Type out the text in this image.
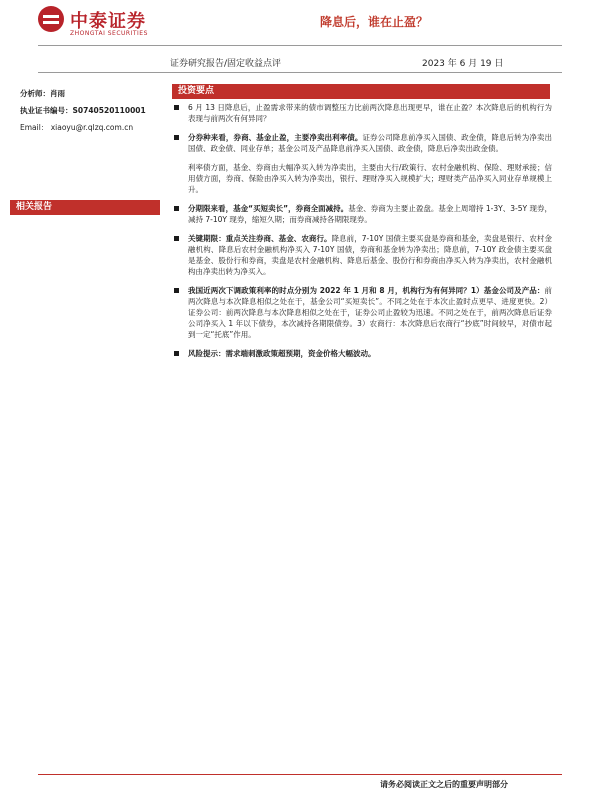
中泰证券
ZHONGTAI SECURITIES
降息后，谁在止盈？
证券研究报告/固定收益点评	2023 年 6 月 19 日
分析师：肖雨
执业证书编号：S0740520110001
Email： xiaoyu@r.qlzq.com.cn
相关报告
投资要点
6 月 13 日降息后，止盈需求带来的债市调整压力比前两次降息出现更早，谁在止盈？本次降息后的机构行为表现与前两次有何异同？
分券种来看，券商、基金止盈，主要净卖出利率债。证券公司降息前净买入国债、政金债，降息后转为净卖出国债、政金债、同业存单；基金公司及产品降息前净买入国债、政金债，降息后净卖出政金债。
利率债方面，基金、券商由大幅净买入转为净卖出，主要由大行/政策行、农村金融机构、保险、理财承接；信用债方面，券商、保险由净买入转为净卖出，银行、理财净买入规模扩大；理财类产品净买入同业存单规模上升。
分期限来看，基金“买短卖长”，券商全面减持。基金、券商为主要止盈盘。基金上周增持 1-3Y、3-5Y 现券，减持 7-10Y 现券，缩短久期；而券商减持各期限现券。
关键期限：重点关注券商、基金、农商行。降息前，7-10Y 国债主要买盘是券商和基金，卖盘是银行、农村金融机构、降息后农村金融机构净买入 7-10Y 国债，券商和基金转为净卖出；降息前，7-10Y 政金债主要买盘是基金、股份行和券商，卖盘是农村金融机构、降息后基金、股份行和券商由净买入转为净卖出，农村金融机构由净卖出转为净买入。
我国近两次下调政策利率的时点分别为 2022 年 1 月和 8 月，机构行为有何异同？1）基金公司及产品：前两次降息与本次降息相似之处在于，基金公司“买短卖长”。不同之处在于本次止盈时点更早、进度更快。2）证券公司：前两次降息与本次降息相似之处在于，证券公司止盈较为迅速。不同之处在于，前两次降息后证券公司净买入 1 年以下债券，本次减持各期限债券。3）农商行：本次降息后农商行“抄底”时间较早，对债市起到一定“托底”作用。
风险提示：需求端刺激政策超预期，资金价格大幅波动。
请务必阅读正文之后的重要声明部分
